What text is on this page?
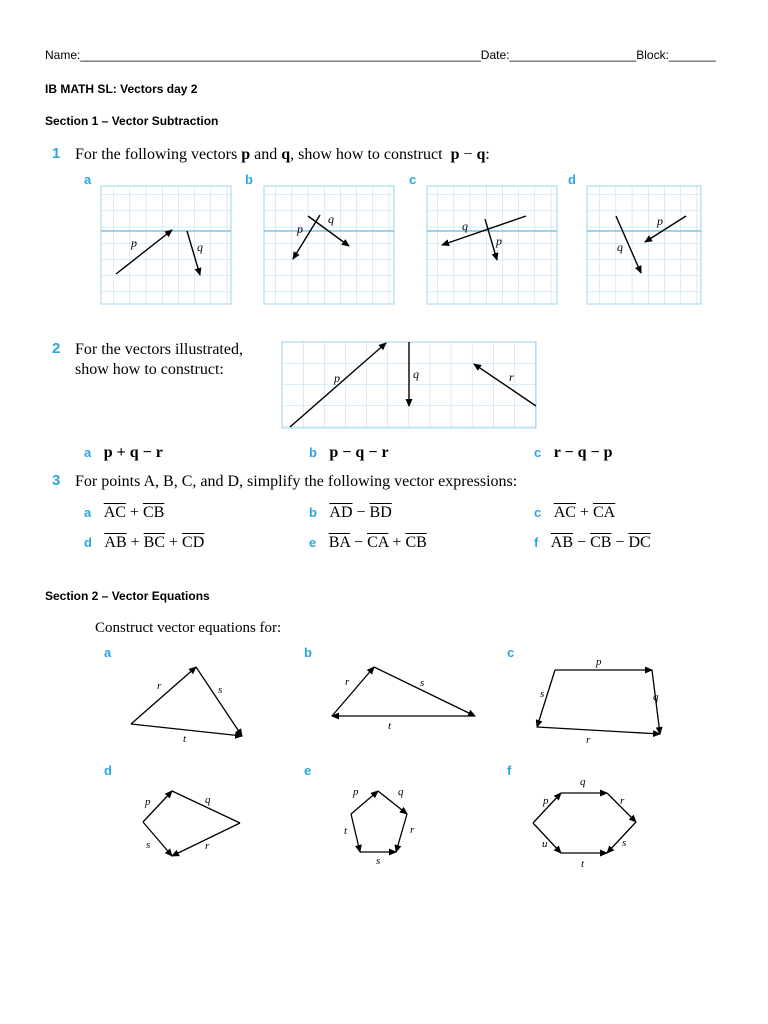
Name:____________________________________________________________Date:___________________Block:_______
IB MATH SL: Vectors day 2
Section 1 – Vector Subtraction
1 For the following vectors p and q, show how to construct  p − q:
a	b	c	d
p	q
p
q	q
p
p
q
p	q	r
r	s
t
r	s
t
p
s	q
r
p	q
s	r
p	q
t	r
s
p
q
r
u	s
t
2 For the vectors illustrated,
show how to construct:
a p + q − r	b p − q − r	c r − q − p
3 For points A, B, C, and D, simplify the following vector expressions:
a $\overline{AC} + \overline{CB}$	b $\overline{AD} - \overline{BD}$	c $\overline{AC} + \overline{CA}$
d $\overline{AB} + \overline{BC} + \overline{CD}$	e $\overline{BA} - \overline{CA} + \overline{CB}$	f $\overline{AB} - \overline{CB} - \overline{DC}$
Section 2 – Vector Equations
Construct vector equations for:
a	b	c
d	e	f
